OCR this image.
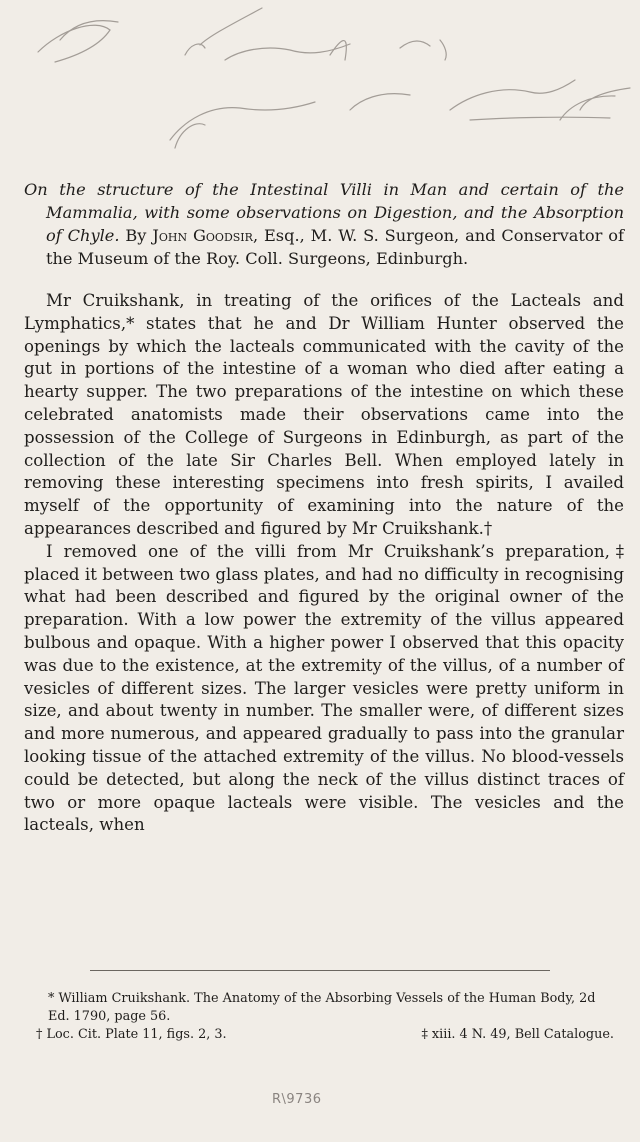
On the structure of the Intestinal Villi in Man and certain of the Mammalia, with some observations on Digestion, and the Absorption of Chyle. By John Goodsir, Esq., M. W. S. Surgeon, and Conservator of the Museum of the Roy. Coll. Surgeons, Edinburgh.

Mr Cruikshank, in treating of the orifices of the Lacteals and Lymphatics,* states that he and Dr William Hunter observed the openings by which the lacteals communicated with the cavity of the gut in portions of the intestine of a woman who died after eating a hearty supper. The two preparations of the intestine on which these celebrated anatomists made their observations came into the possession of the College of Surgeons in Edinburgh, as part of the collection of the late Sir Charles Bell. When employed lately in removing these interesting specimens into fresh spirits, I availed myself of the opportunity of examining into the nature of the appearances described and figured by Mr Cruikshank.†

I removed one of the villi from Mr Cruikshank’s preparation,‡ placed it between two glass plates, and had no difficulty in recognising what had been described and figured by the original owner of the preparation. With a low power the extremity of the villus appeared bulbous and opaque. With a higher power I observed that this opacity was due to the existence, at the extremity of the villus, of a number of vesicles of different sizes. The larger vesicles were pretty uniform in size, and about twenty in number. The smaller were, of different sizes and more numerous, and appeared gradually to pass into the granular looking tissue of the attached extremity of the villus. No blood-vessels could be detected, but along the neck of the villus distinct traces of two or more opaque lacteals were visible. The vesicles and the lacteals, when

* William Cruikshank. The Anatomy of the Absorbing Vessels of the Human Body, 2d Ed. 1790, page 56.

† Loc. Cit. Plate 11, figs. 2, 3.	‡ xiii. 4 N. 49, Bell Catalogue.
R\9736
